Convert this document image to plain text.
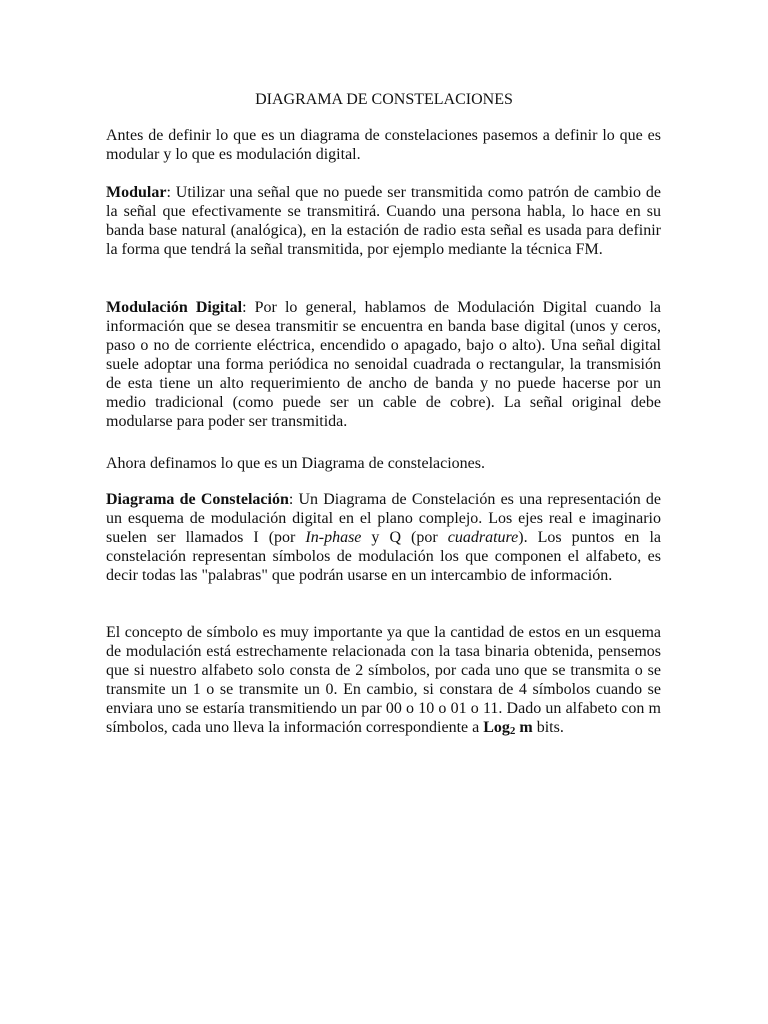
DIAGRAMA DE CONSTELACIONES

Antes de definir lo que es un diagrama de constelaciones pasemos a definir lo que es modular y lo que es modulación digital.

Modular: Utilizar una señal que no puede ser transmitida como patrón de cambio de la señal que efectivamente se transmitirá. Cuando una persona habla, lo hace en su banda base natural (analógica), en la estación de radio esta señal es usada para definir la forma que tendrá la señal transmitida, por ejemplo mediante la técnica FM.

Modulación Digital: Por lo general, hablamos de Modulación Digital cuando la información que se desea transmitir se encuentra en banda base digital (unos y ceros, paso o no de corriente eléctrica, encendido o apagado, bajo o alto). Una señal digital suele adoptar una forma periódica no senoidal cuadrada o rectangular, la transmisión de esta tiene un alto requerimiento de ancho de banda y no puede hacerse por un medio tradicional (como puede ser un cable de cobre). La señal original debe modularse para poder ser transmitida.

Ahora definamos lo que es un Diagrama de constelaciones.

Diagrama de Constelación: Un Diagrama de Constelación es una representación de un esquema de modulación digital en el plano complejo. Los ejes real e imaginario suelen ser llamados I (por In-phase y Q (por cuadrature). Los puntos en la constelación representan símbolos de modulación los que componen el alfabeto, es decir todas las "palabras" que podrán usarse en un intercambio de información.

El concepto de símbolo es muy importante ya que la cantidad de estos en un esquema de modulación está estrechamente relacionada con la tasa binaria obtenida, pensemos que si nuestro alfabeto solo consta de 2 símbolos, por cada uno que se transmita o se transmite un 1 o se transmite un 0. En cambio, si constara de 4 símbolos cuando se enviara uno se estaría transmitiendo un par 00 o 10 o 01 o 11. Dado un alfabeto con m símbolos, cada uno lleva la información correspondiente a Log$_2$ m bits.
